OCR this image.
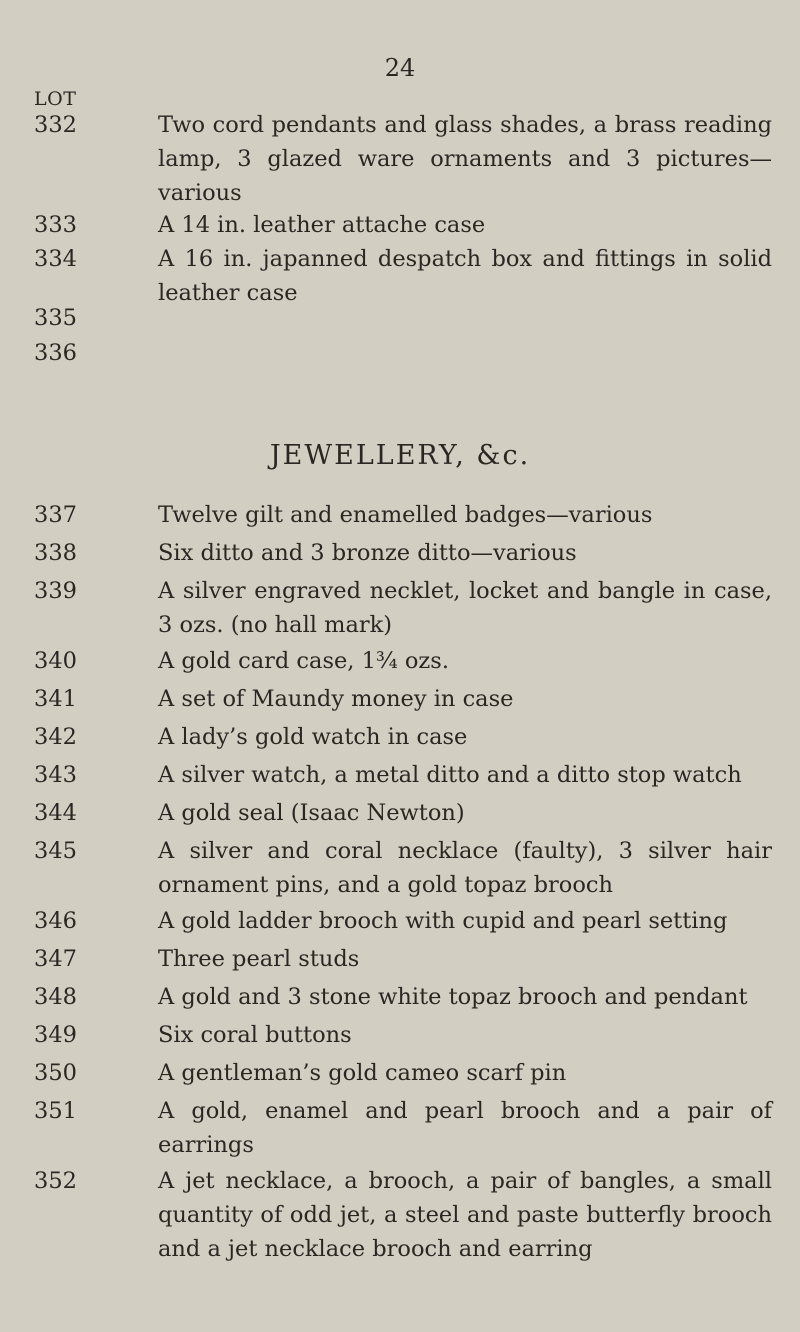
24
LOT
JEWELLERY, &c.
332	Two cord pendants and glass shades, a brass reading lamp, 3 glazed ware ornaments and 3 pictures—various
333	A 14 in. leather attache case
334	A 16 in. japanned despatch box and fittings in solid leather case
335
336
337	Twelve gilt and enamelled badges—various
338	Six ditto and 3 bronze ditto—various
339	A silver engraved necklet, locket and bangle in case, 3 ozs. (no hall mark)
340	A gold card case, 1¾ ozs.
341	A set of Maundy money in case
342	A lady’s gold watch in case
343	A silver watch, a metal ditto and a ditto stop watch
344	A gold seal (Isaac Newton)
345	A silver and coral necklace (faulty), 3 silver hair ornament pins, and a gold topaz brooch
346	A gold ladder brooch with cupid and pearl setting
347	Three pearl studs
348	A gold and 3 stone white topaz brooch and pendant
349	Six coral buttons
350	A gentleman’s gold cameo scarf pin
351	A gold, enamel and pearl brooch and a pair of earrings
352	A jet necklace, a brooch, a pair of bangles, a small quantity of odd jet, a steel and paste butterfly brooch and a jet necklace brooch and earring
